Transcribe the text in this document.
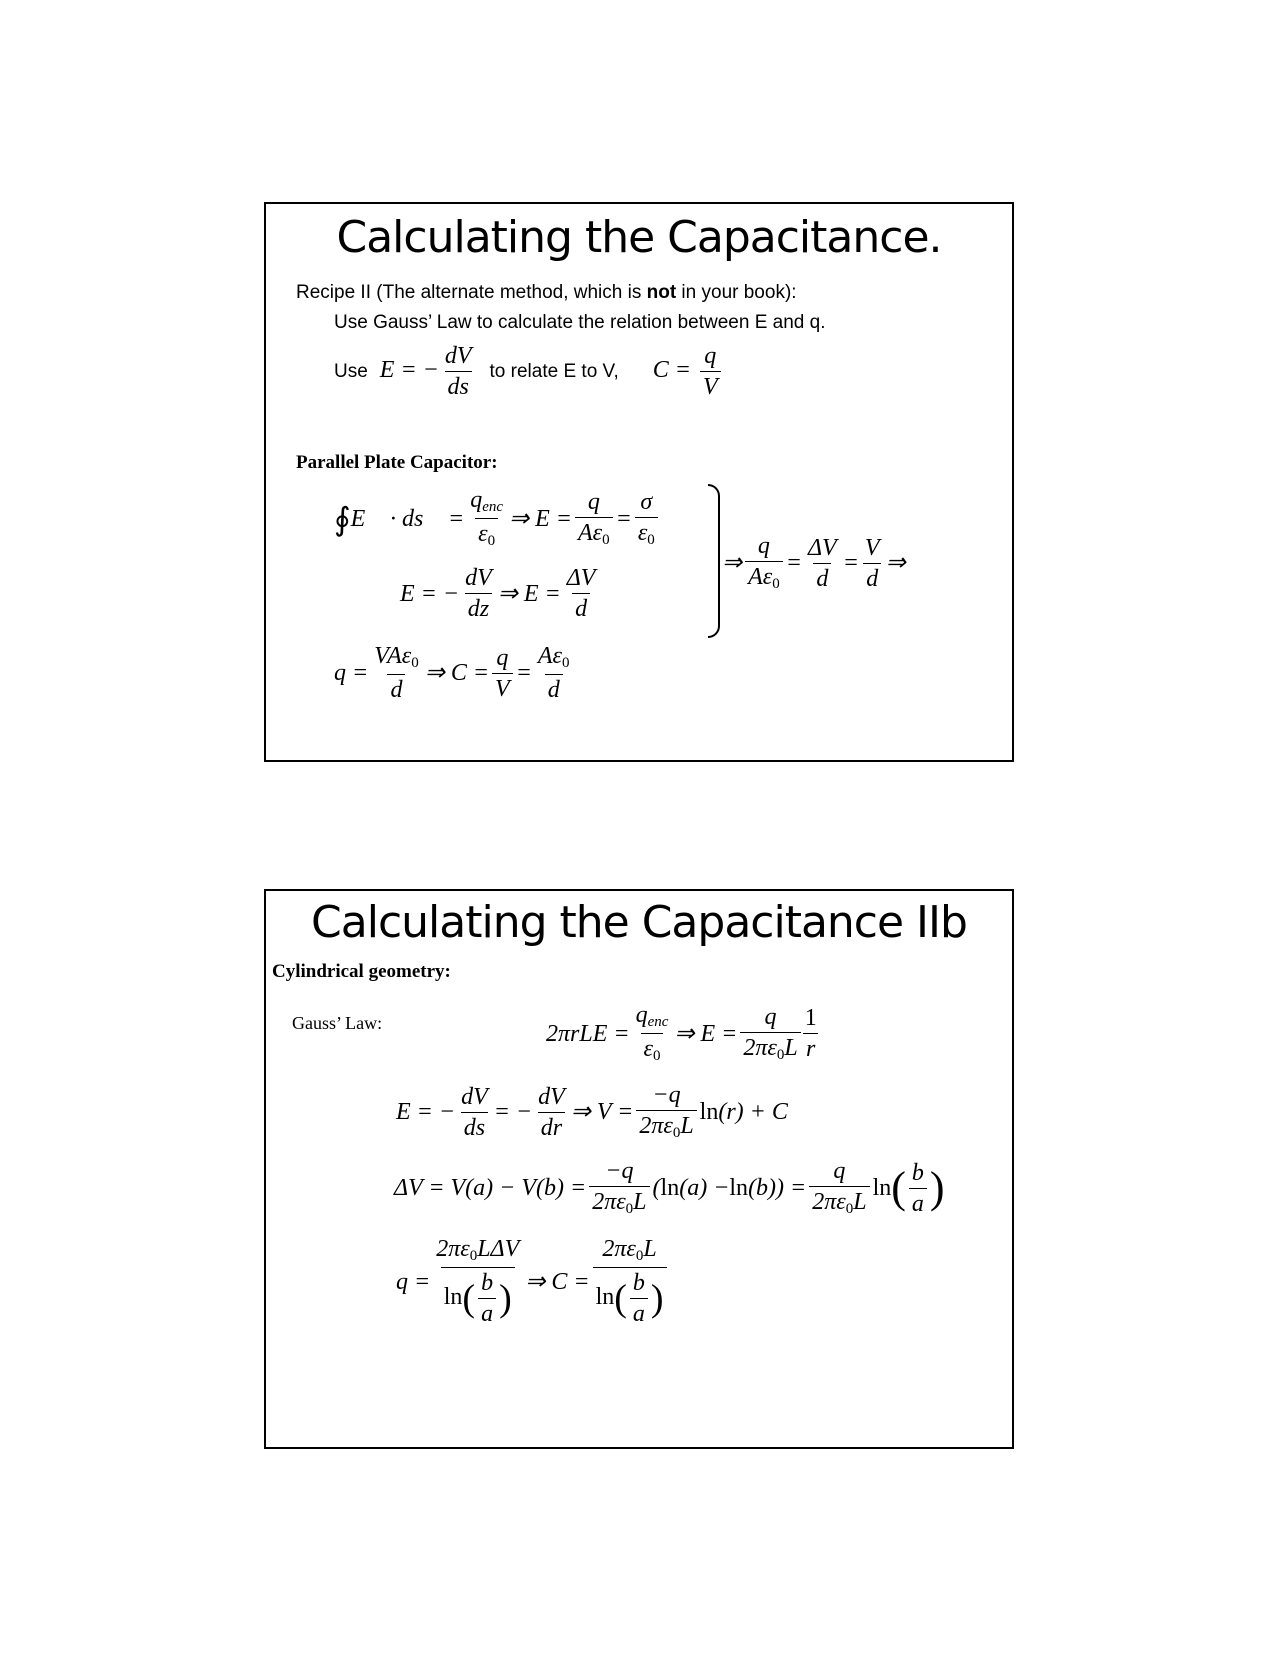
Calculating the Capacitance.
Recipe II (The alternate method, which is not in your book):
Use Gauss’ Law to calculate the relation between E and q.
Use E = − $\frac{dV}{ds}$ to relate E to V, $C = \frac{q}{V}$
Parallel Plate Capacitor:
∮ E⃗ · ds⃗ = $\frac{q_{enc}}{\varepsilon_0}$ ⇒ $E = \frac{q}{A\varepsilon_0} = \frac{\sigma}{\varepsilon_0}$
E = − $\frac{dV}{dz}$ ⇒ $E = \frac{\Delta V}{d}$
⇒ $\frac{q}{A\varepsilon_0} = \frac{\Delta V}{d} = \frac{V}{d}$ ⇒
$q = \frac{VA\varepsilon_0}{d}$ ⇒ $C = \frac{q}{V} = \frac{A\varepsilon_0}{d}$
Calculating the Capacitance IIb
Cylindrical geometry:
Gauss’ Law:	$2\pi rLE = \frac{q_{enc}}{\varepsilon_0}$ ⇒ $E = \frac{q}{2\pi\varepsilon_0L} \frac{1}{r}$
E = − $\frac{dV}{ds}$ = − $\frac{dV}{dr}$ ⇒ $V = \frac{-q}{2\pi\varepsilon_0L}$ ln (r) + C
$\Delta V = V(a) - V(b) = \frac{-q}{2\pi\varepsilon_0L}$ ( $\ln (a) - \ln (b)) = \frac{q}{2\pi\varepsilon_0L}$ ln ( $\frac{b}{a}$ )
$q = \frac{2\pi\varepsilon_0L\Delta V}{\ln( \frac{b}{a} )}$ ⇒ $C = \frac{2\pi\varepsilon_0L}{\ln( \frac{b}{a} )}$
